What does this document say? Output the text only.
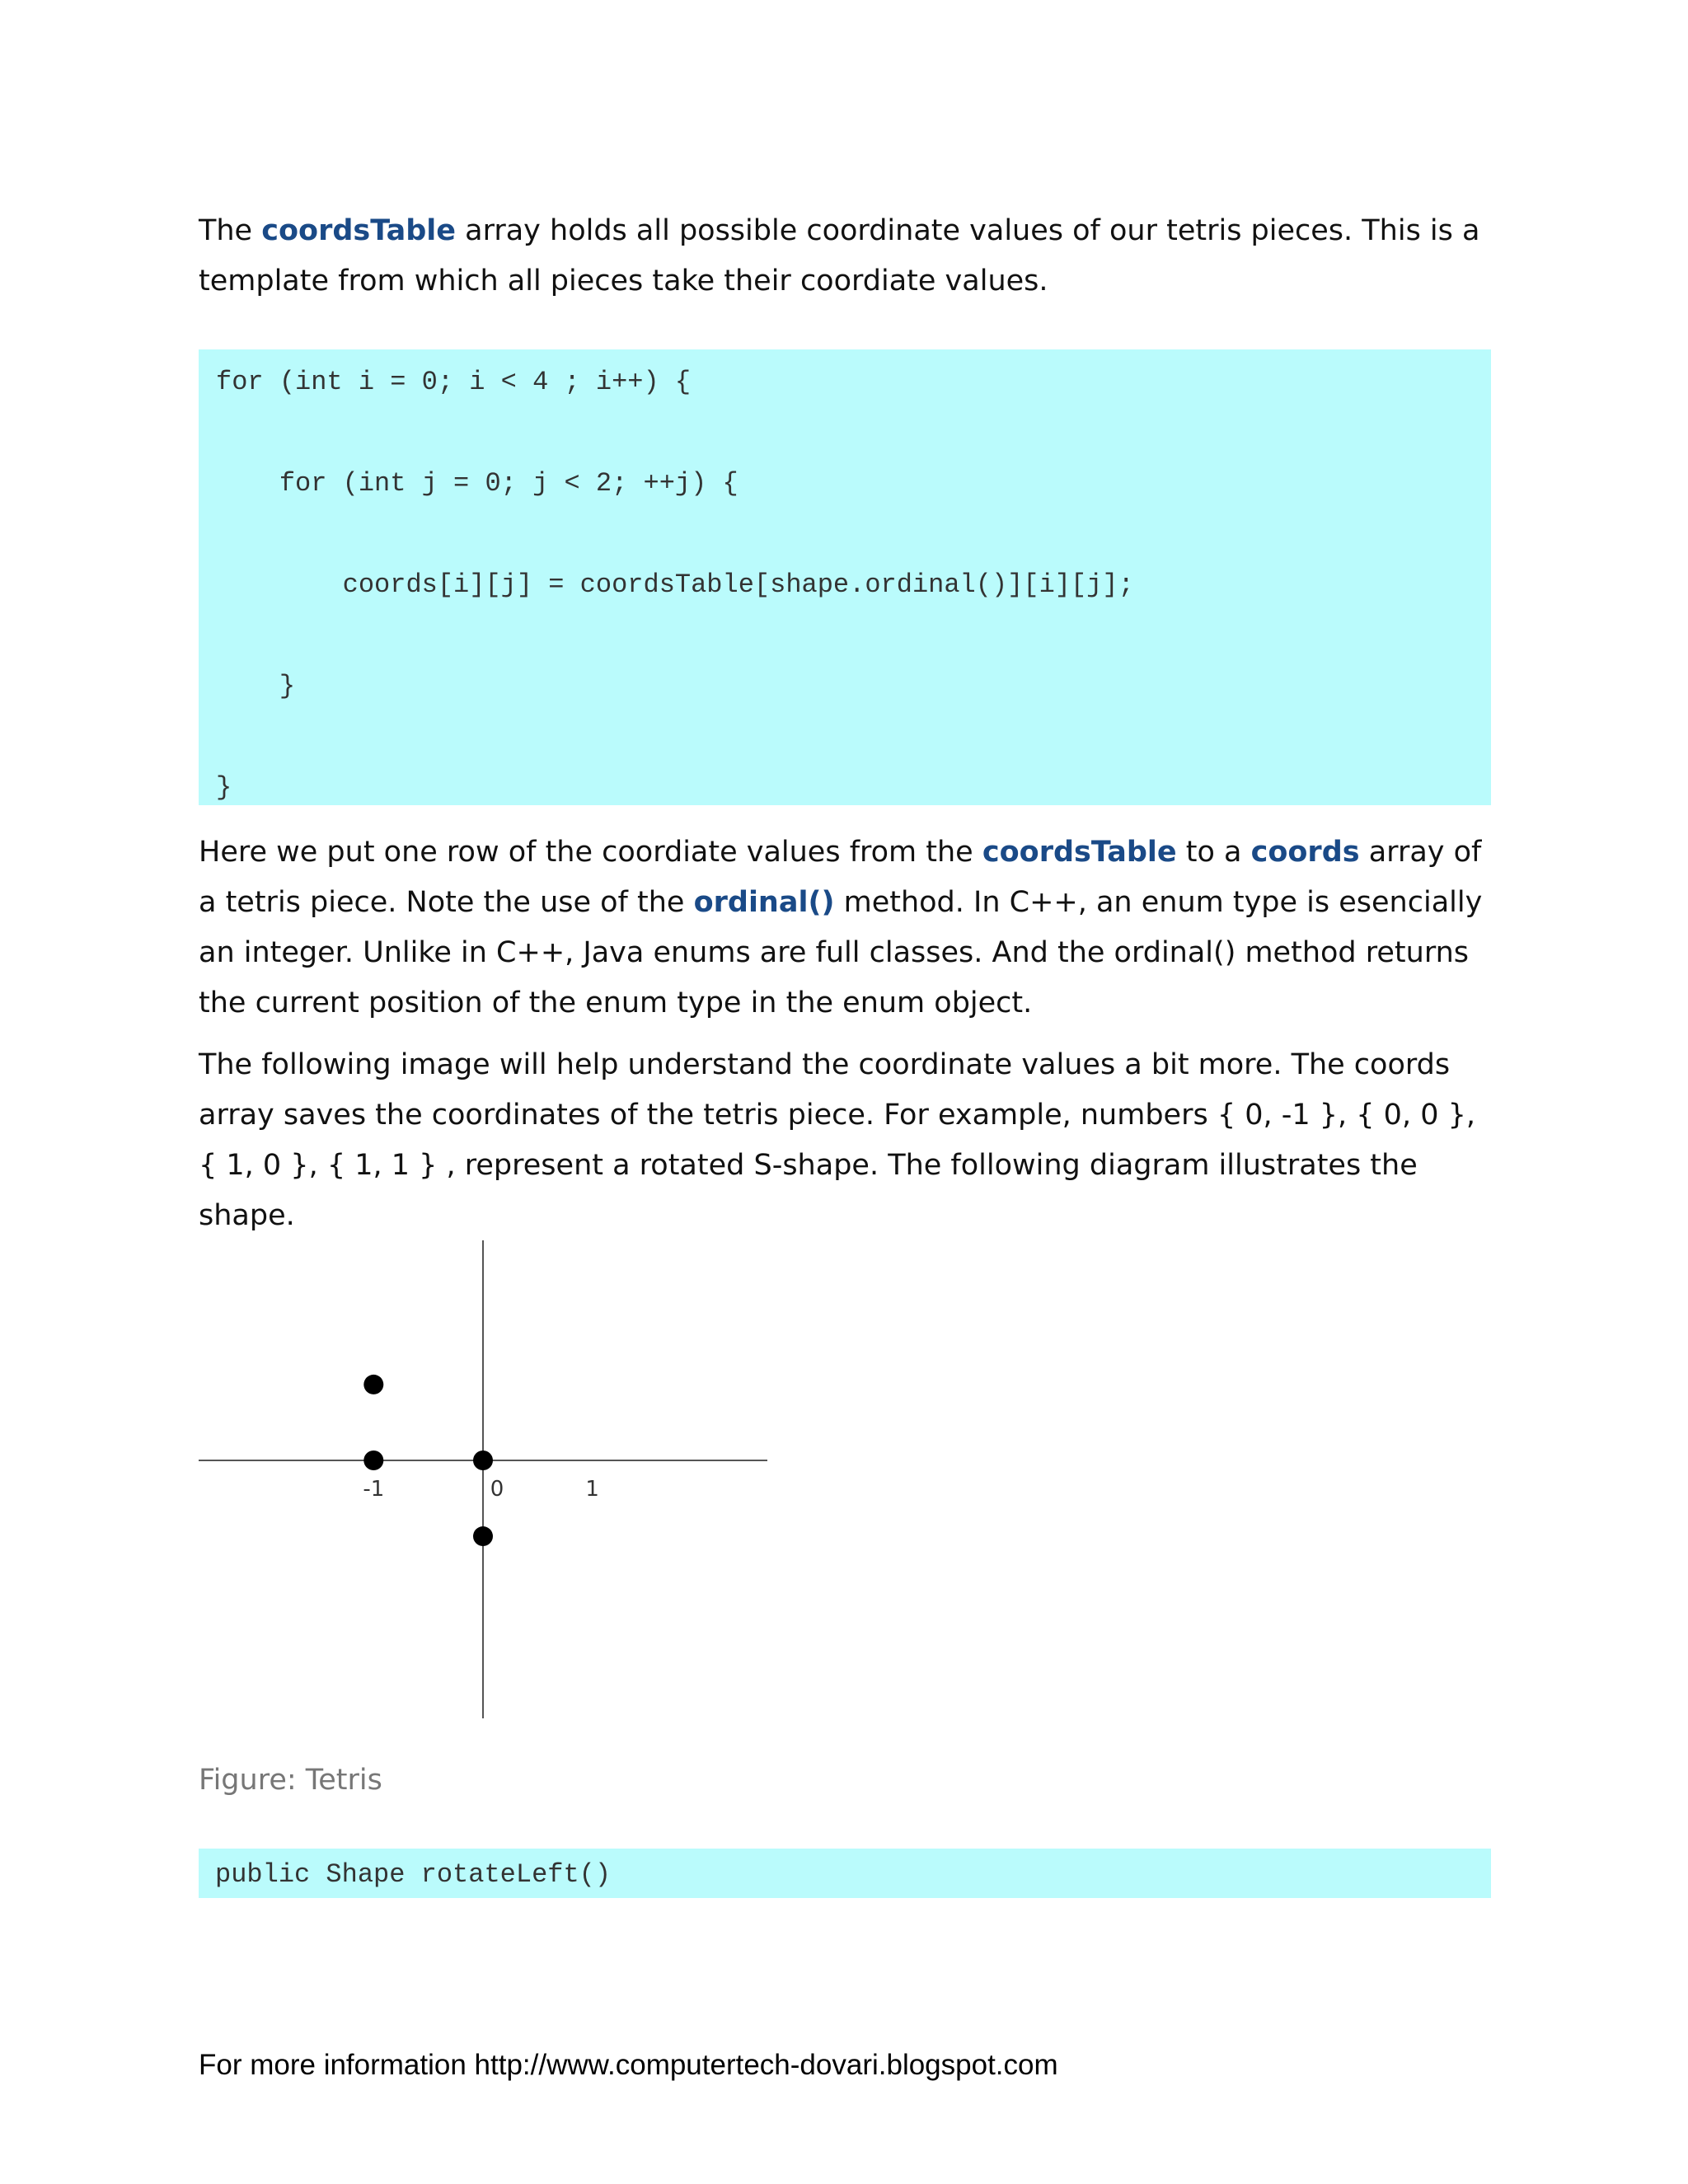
The coordsTable array holds all possible coordinate values of our tetris pieces. This is a template from which all pieces take their coordiate values.

for (int i = 0; i < 4 ; i++) {
for (int j = 0; j < 2; ++j) {
coords[i][j] = coordsTable[shape.ordinal()][i][j];
}
}

Here we put one row of the coordiate values from the coordsTable to a coords array of a tetris piece. Note the use of the ordinal() method. In C++, an enum type is esencially an integer. Unlike in C++, Java enums are full classes. And the ordinal() method returns the current position of the enum type in the enum object.

The following image will help understand the coordinate values a bit more. The coords array saves the coordinates of the tetris piece. For example, numbers { 0, -1 }, { 0, 0 }, { 1, 0 }, { 1, 1 } , represent a rotated S-shape. The following diagram illustrates the shape.

-1	0	1

Figure: Tetris

public Shape rotateLeft()

For more information http://www.computertech-dovari.blogspot.com
